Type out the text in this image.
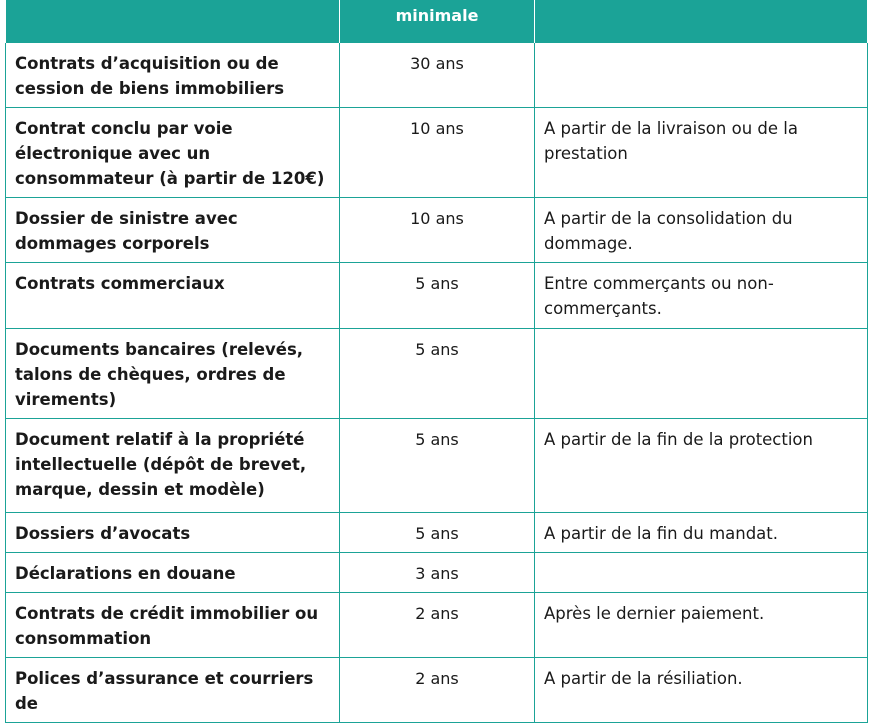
	minimale	
Contrats d’acquisition ou de cession de biens immobiliers	30 ans	
Contrat conclu par voie électronique avec un consommateur (à partir de 120€)	10 ans	A partir de la livraison ou de la prestation
Dossier de sinistre avec dommages corporels	10 ans	A partir de la consolidation du dommage.
Contrats commerciaux	5 ans	Entre commerçants ou non-commerçants.
Documents bancaires (relevés, talons de chèques, ordres de virements)	5 ans	
Document relatif à la propriété intellectuelle (dépôt de brevet, marque, dessin et modèle)	5 ans	A partir de la fin de la protection
Dossiers d’avocats	5 ans	A partir de la fin du mandat.
Déclarations en douane	3 ans	
Contrats de crédit immobilier ou consommation	2 ans	Après le dernier paiement.
Polices d’assurance et courriers de	2 ans	A partir de la résiliation.
